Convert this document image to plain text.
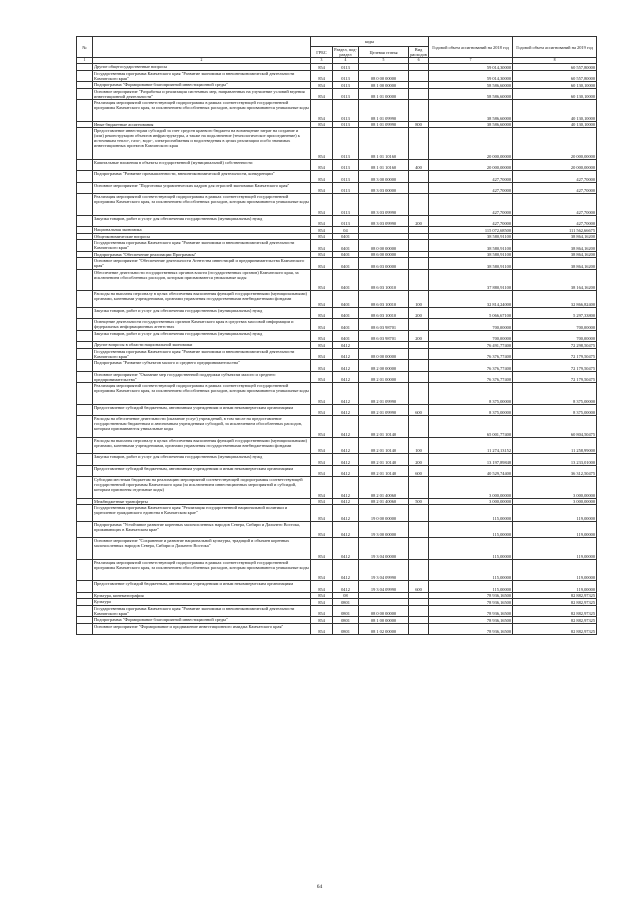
№		коды				Годовой объем ассигнований на 2018 год	Годовой объем ассигнований на 2019 год
		ГРБС	Раздел, под-раздел	Целевая статья	Вид расходов		
1	2	3	4	5	6	7	8
	Другие общегосударственные вопросы	854	0113			59 014,30000	60 557,80000
	Государственная программа Камчатского края "Развитие экономики и внешнеэкономической деятельности Камчатского края"	854	0113	08 0 00 00000		59 014,30000	60 557,80000
	Подпрограмма "Формирование благоприятной инвестиционной среды"	854	0113	08 1 00 00000		58 586,60000	60 130,10000
	Основное мероприятие "Разработка и реализация системных мер, направленных на улучшение условий ведения инвестиционной деятельности"	854	0113	08 1 01 00000		58 586,60000	60 130,10000
	Реализация мероприятий соответствующей подпрограммы в рамках соответствующей государственной программы Камчатского края, за исключением обособленных расходов, которым присваиваются уникальные коды	854	0113	08 1 01 09990		38 586,60000	40 130,10000
	Иные бюджетные ассигнования	854	0113	08 1 01 09990	800	38 586,60000	40 130,10000
	Предоставление инвесторам субсидий за счет средств краевого бюджета на возмещение затрат на создание и (или) реконструкцию объектов инфраструктуры, а также на подключение (технологическое присоединение) к источникам тепло-, газо-, водо-, электроснабжения и водоотведения в целях реализации особо значимых инвестиционных проектов Камчатского края	854	0113	08 1 01 10160		20 000,00000	20 000,00000
	Капитальные вложения в объекты государственной (муниципальной) собственности	854	0113	08 1 01 10160	400	20 000,00000	20 000,00000
	Подпрограмма "Развитие промышленности, внешнеэкономической деятельности, конкуренции"	854	0113	08 3 00 00000		427,70000	427,70000
	Основное мероприятие "Подготовка управленческих кадров для отраслей экономики Камчатского края"	854	0113	08 3 03 00000		427,70000	427,70000
	Реализация мероприятий соответствующей подпрограммы в рамках соответствующей государственной программы Камчатского края, за исключением обособленных расходов, которым присваиваются уникальные коды	854	0113	08 3 03 09990		427,70000	427,70000
	Закупка товаров, работ и услуг для обеспечения государственных (муниципальных) нужд	854	0113	08 3 03 09990	200	427,70000	427,70000
	Национальная экономика	854	04			115 072,68500	111 562,66675
	Общеэкономические вопросы	854	0401			38 580,91100	38 864,16200
	Государственная программа Камчатского края "Развитие экономики и внешнеэкономической деятельности Камчатского края"	854	0401	08 0 00 00000		38 580,91100	38 864,16200
	Подпрограмма "Обеспечение реализации Программы"	854	0401	08 6 00 00000		38 580,91100	38 864,16200
	Основное мероприятие "Обеспечение деятельности Агентства инвестиций и предпринимательства Камчатского края"	854	0401	08 6 03 00000		38 580,91100	38 864,16200
	Обеспечение деятельности государственных органов власти (государственных органов) Камчатского края, за исключением обособленных расходов, которым присваиваются уникальные коды	854	0401	08 6 03 10010		37 880,91100	38 164,16200
	Расходы на выплаты персоналу в целях обеспечения выполнения функций государственными (муниципальными) органами, казенными учреждениями, органами управления государственными внебюджетными фондами	854	0401	08 6 03 10010	100	32 814,24000	32 866,82400
	Закупка товаров, работ и услуг для обеспечения государственных (муниципальных) нужд	854	0401	08 6 03 10010	200	5 066,67100	5 297,33800
	Освещение деятельности государственных органов Камчатского края в средствах массовой информации и федеральных информационных агентствах	854	0401	08 6 03 98701		700,00000	700,00000
	Закупка товаров, работ и услуг для обеспечения государственных (муниципальных) нужд	854	0401	08 6 03 98701	200	700,00000	700,00000
	Другие вопросы в области национальной экономики	854	0412			76 491,77400	72 298,50475
	Государственная программа Камчатского края "Развитие экономики и внешнеэкономической деятельности Камчатского края"	854	0412	08 0 00 00000		76 376,77400	72 179,50475
	Подпрограмма "Развитие субъектов малого и среднего предпринимательства"	854	0412	08 2 00 00000		76 376,77400	72 179,50475
	Основное мероприятие "Оказание мер государственной поддержки субъектам малого и среднего предпринимательства"	854	0412	08 2 01 00000		76 376,77400	72 179,50475
	Реализация мероприятий соответствующей подпрограммы в рамках соответствующей государственной программы Камчатского края, за исключением обособленных расходов, которым присваиваются уникальные коды	854	0412	08 2 01 09990		8 375,00000	8 375,00000
	Предоставление субсидий бюджетным, автономным учреждениям и иным некоммерческим организациям	854	0412	08 2 01 09990	600	8 375,00000	8 375,00000
	Расходы на обеспечение деятельности (оказание услуг) учреждений, в том числе на предоставление государственным бюджетным и автономным учреждениям субсидий, за исключением обособленных расходов, которым присваиваются уникальные коды	854	0412	08 2 01 10140		65 001,77400	60 804,50475
	Расходы на выплаты персоналу в целях обеспечения выполнения функций государственными (муниципальными) органами, казенными учреждениями, органами управления государственными внебюджетными фондами	854	0412	08 2 01 10140	100	11 274,13152	11 258,99000
	Закупка товаров, работ и услуг для обеспечения государственных (муниципальных) нужд	854	0412	08 2 01 10140	200	13 197,89848	13 233,01000
	Предоставление субсидий бюджетным, автономным учреждениям и иным некоммерческим организациям	854	0412	08 2 01 10140	600	40 529,74400	36 312,50475
	Субсидии местным бюджетам на реализацию мероприятий соответствующей подпрограммы соответствующей государственной программы Камчатского края (за исключением инвестиционных мероприятий и субсидий, которым присвоены отдельные коды)	854	0412	08 2 01 40060		3 000,00000	3 000,00000
	Межбюджетные трансферты	854	0412	08 2 01 40060	500	3 000,00000	3 000,00000
	Государственная программа Камчатского края "Реализация государственной национальной политики и укрепление гражданского единства в Камчатском крае"	854	0412	19 0 00 00000		115,00000	119,00000
	Подпрограмма "Устойчивое развитие коренных малочисленных народов Севера, Сибири и Дальнего Востока, проживающих в Камчатском крае"	854	0412	19 3 00 00000		115,00000	119,00000
	Основное мероприятие "Сохранение и развитие национальной культуры, традиций и обычаев коренных малочисленных народов Севера, Сибири и Дальнего Востока"	854	0412	19 3 04 00000		115,00000	119,00000
	Реализация мероприятий соответствующей подпрограммы в рамках соответствующей государственной программы Камчатского края, за исключением обособленных расходов, которым присваиваются уникальные коды	854	0412	19 3 04 09990		115,00000	119,00000
	Предоставление субсидий бюджетным, автономным учреждениям и иным некоммерческим организациям	854	0412	19 3 04 09990	600	115,00000	119,00000
	Культура, кинематография	854	08			78 936,16500	82 882,97325
	Культура	854	0801			78 936,16500	82 882,97325
	Государственная программа Камчатского края "Развитие экономики и внешнеэкономической деятельности Камчатского края"	854	0801	08 0 00 00000		78 936,16500	82 882,97325
	Подпрограмма "Формирование благоприятной инвестиционной среды"	854	0801	08 1 00 00000		78 936,16500	82 882,97325
	Основное мероприятие "Формирование и продвижение инвестиционного имиджа Камчатского края"	854	0801	08 1 02 00000		78 936,16500	82 882,97325
64
